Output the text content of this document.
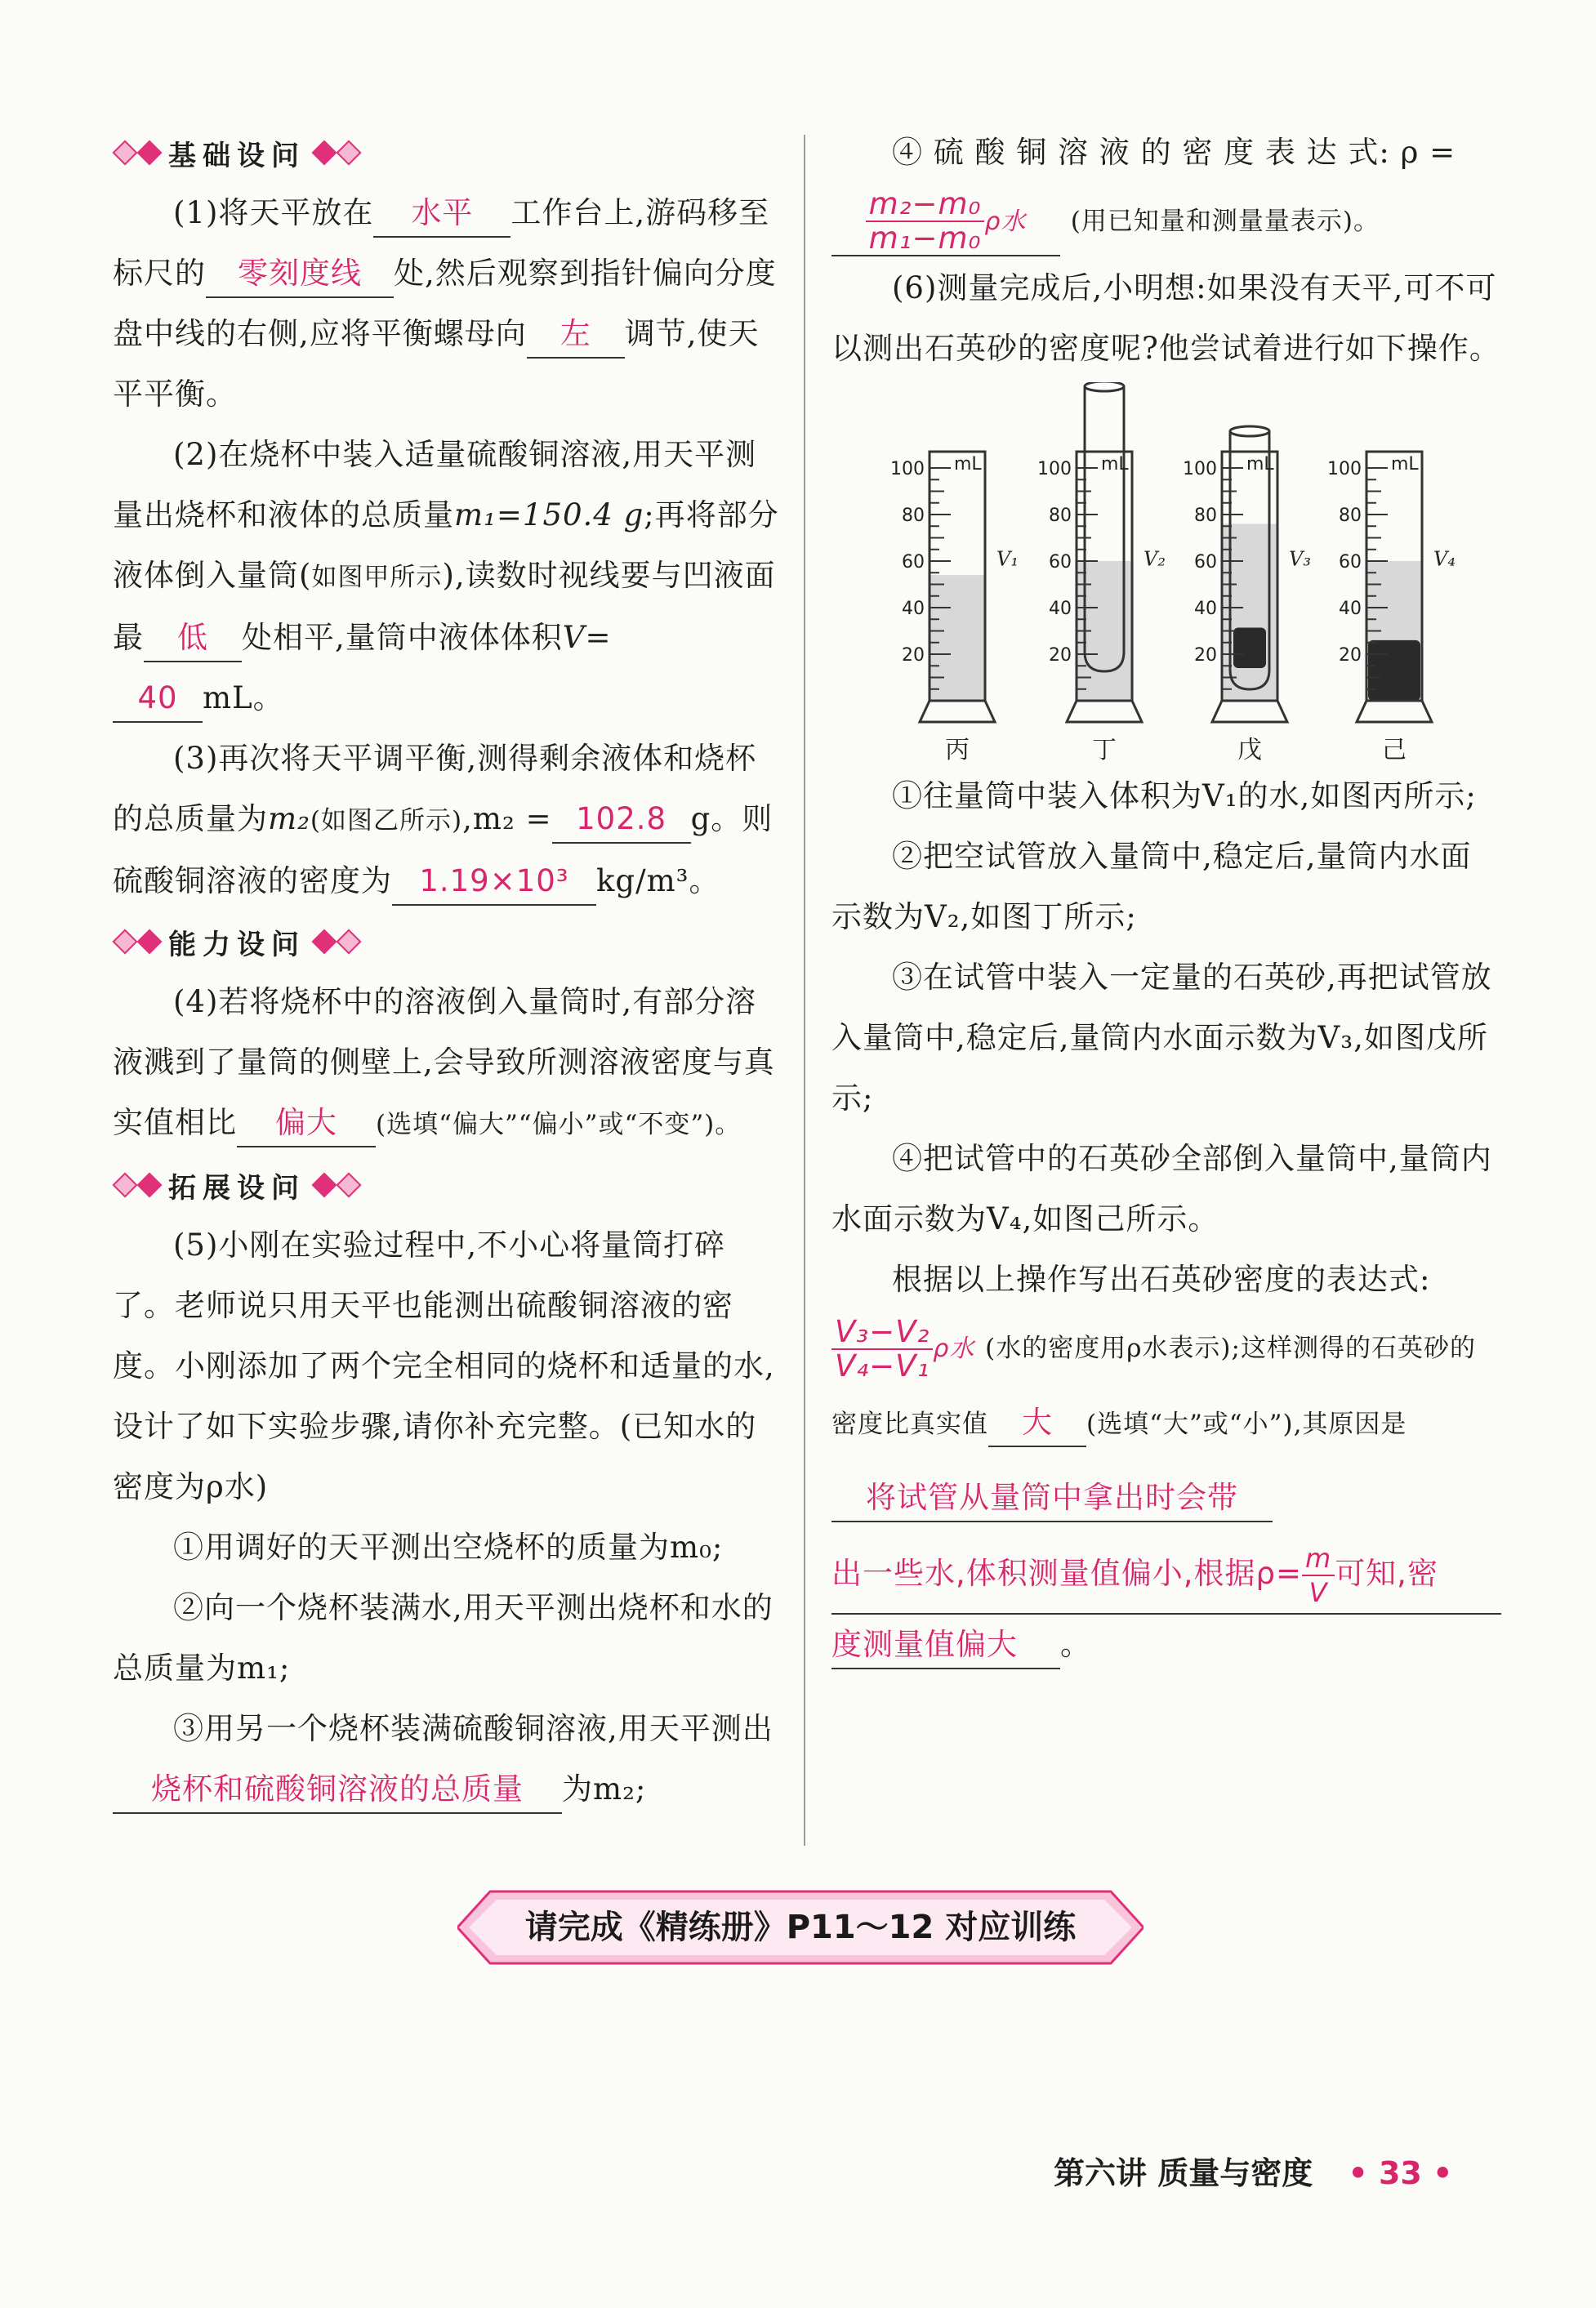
基础设问

(1)将天平放在 水平 工作台上,游码移至标尺的 零刻度线 处,然后观察到指针偏向分度盘中线的右侧,应将平衡螺母向 左 调节,使天平平衡。

(2)在烧杯中装入适量硫酸铜溶液,用天平测量出烧杯和液体的总质量m₁=150.4 g;再将部分液体倒入量筒(如图甲所示),读数时视线要与凹液面最 低 处相平,量筒中液体体积V=
40 mL。

(3)再次将天平调平衡,测得剩余液体和烧杯的总质量为m₂(如图乙所示),m₂ = 102.8 g。则硫酸铜溶液的密度为 1.19×10³ kg/m³。

能力设问

(4)若将烧杯中的溶液倒入量筒时,有部分溶液溅到了量筒的侧壁上,会导致所测溶液密度与真实值相比 偏大 (选填“偏大”“偏小”或“不变”)。

拓展设问

(5)小刚在实验过程中,不小心将量筒打碎了。老师说只用天平也能测出硫酸铜溶液的密度。小刚添加了两个完全相同的烧杯和适量的水,设计了如下实验步骤,请你补充完整。(已知水的密度为ρ水)

①用调好的天平测出空烧杯的质量为m₀;

②向一个烧杯装满水,用天平测出烧杯和水的总质量为m₁;

③用另一个烧杯装满硫酸铜溶液,用天平测出烧杯和硫酸铜溶液的总质量 为m₂;

④ 硫 酸 铜 溶 液 的 密 度 表 达 式: ρ =

$\frac{\text{m₂−m₀}}{\text{m₁−m₀}}$ ρ水 (用已知量和测量量表示)。

(6)测量完成后,小明想:如果没有天平,可不可以测出石英砂的密度呢?他尝试着进行如下操作。

100
80
60
40
20
mL
V₁
丙
100
80
60
40
20
mL
V₂
丁
100
80
60
40
20
mL
V₃
戊
100
80
60
40
20
mL
V₄
己

①往量筒中装入体积为V₁的水,如图丙所示;

②把空试管放入量筒中,稳定后,量筒内水面示数为V₂,如图丁所示;

③在试管中装入一定量的石英砂,再把试管放入量筒中,稳定后,量筒内水面示数为V₃,如图戊所示;

④把试管中的石英砂全部倒入量筒中,量筒内水面示数为V₄,如图己所示。

根据以上操作写出石英砂密度的表达式:

$\frac{\text{V₃−V₂}}{\text{V₄−V₁}}$ ρ水 (水的密度用ρ水表示);这样测得的石英砂的密度比真实值 大 (选填“大”或“小”),其原因是将试管从量筒中拿出时会带

出一些水,体积测量值偏小,根据$\rho= \frac{m}{V}$ 可知,密

度测量值偏大 。

请完成《精练册》P11～12 对应训练
第六讲 质量与密度 • 33 •
